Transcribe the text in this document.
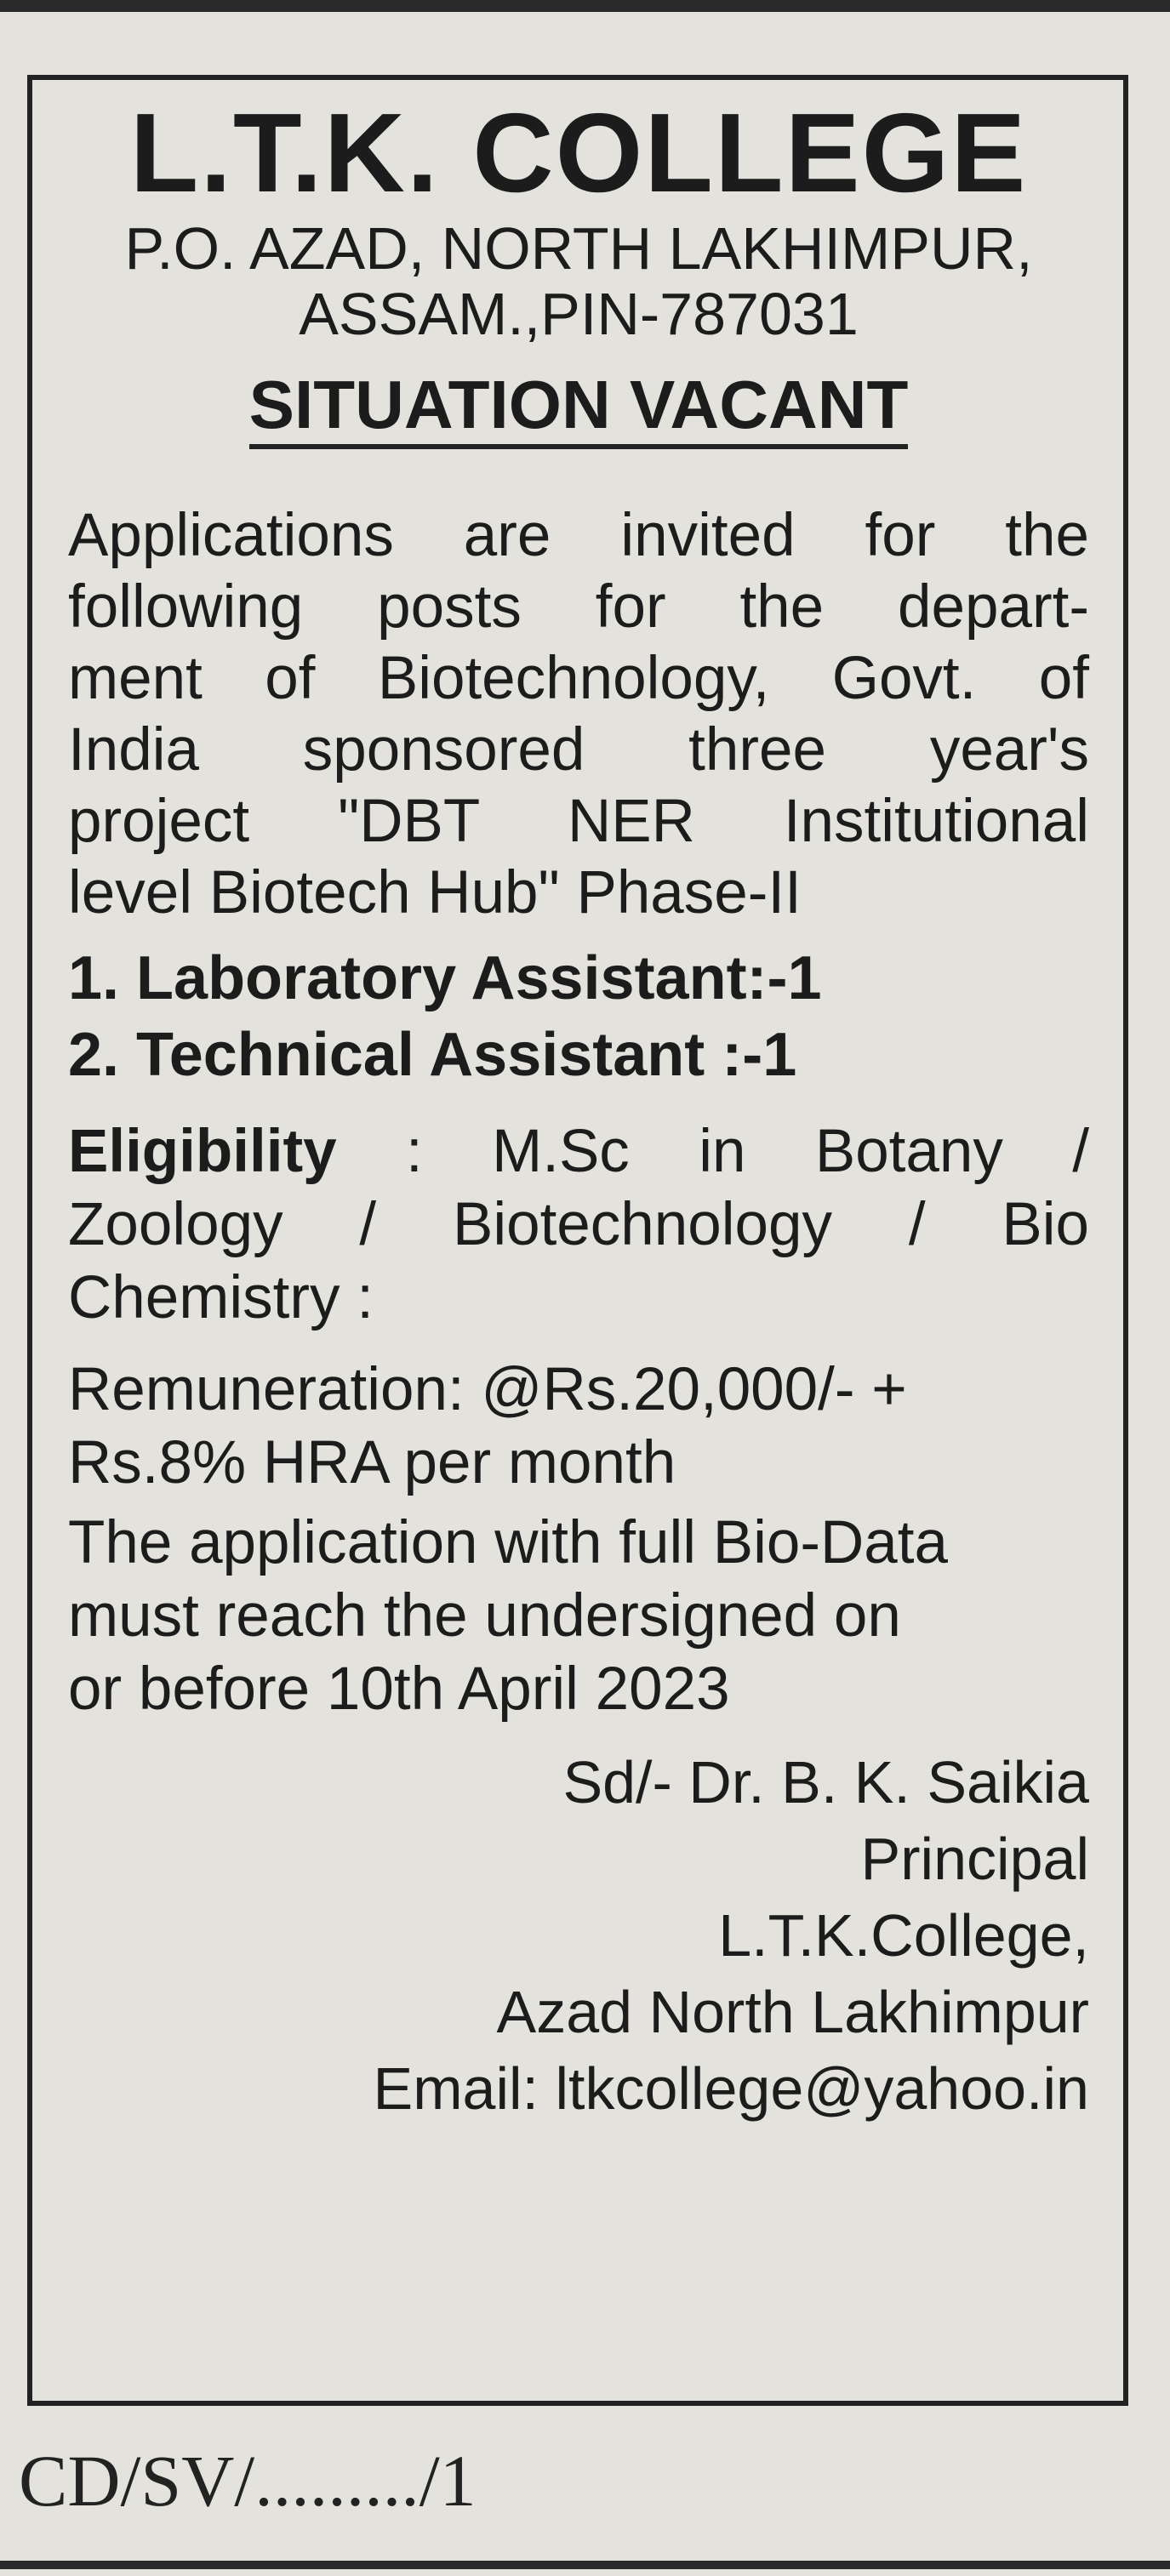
L.T.K. COLLEGE
P.O. AZAD, NORTH LAKHIMPUR,
ASSAM.,PIN-787031
SITUATION VACANT
Applications are invited for the
following posts for the depart-
ment of Biotechnology, Govt. of
India sponsored three year's
project "DBT NER Institutional
level Biotech Hub" Phase-II
1. Laboratory Assistant:-1
2. Technical Assistant :-1
Eligibility : M.Sc in Botany /
Zoology / Biotechnology / Bio
Chemistry :
Remuneration: @Rs.20,000/- +
Rs.8% HRA per month
The application with full Bio-Data
must reach the undersigned on
or before 10th April 2023
Sd/- Dr. B. K. Saikia
Principal
L.T.K.College,
Azad North Lakhimpur
Email: ltkcollege@yahoo.in
CD/SV/........./1
